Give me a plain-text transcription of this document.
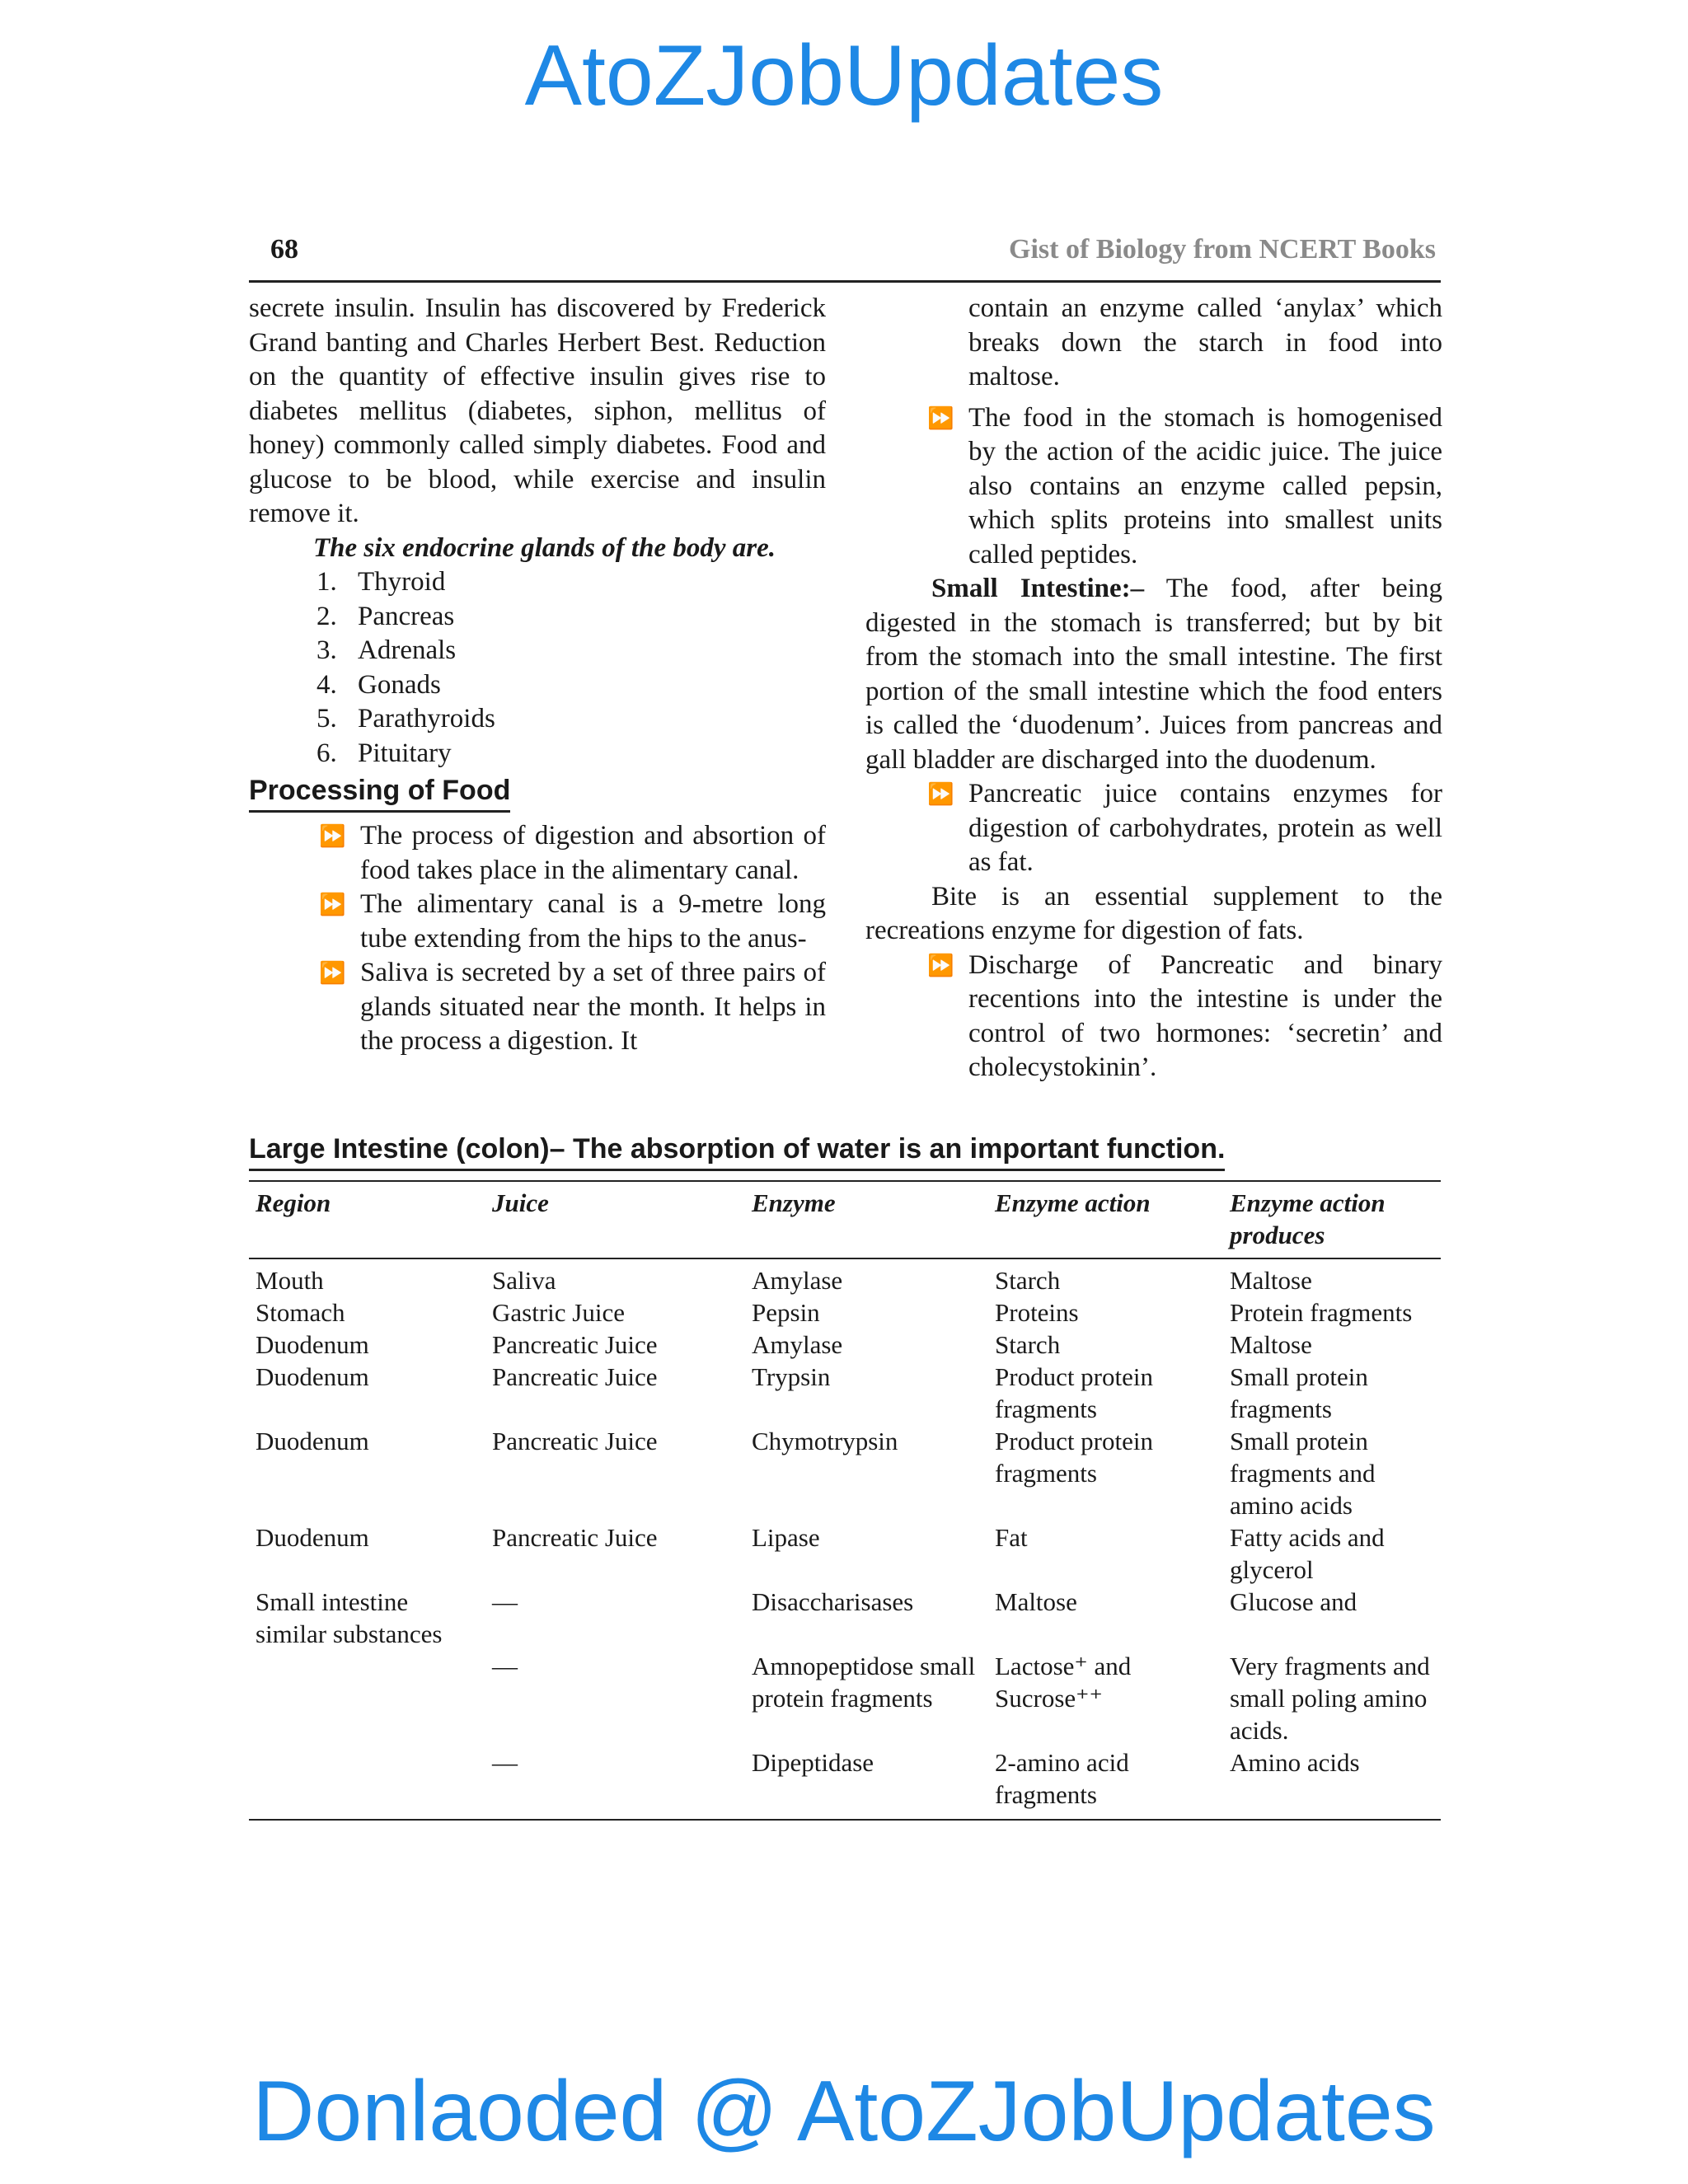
AtoZJobUpdates
68	Gist of Biology from NCERT Books

secrete insulin. Insulin has discovered by Frederick Grand banting and Charles Herbert Best. Reduction on the quantity of effective insulin gives rise to diabetes mellitus (diabetes, siphon, mellitus of honey) commonly called simply diabetes. Food and glucose to be blood, while exercise and insulin remove it.

The six endocrine glands of the body are.
1. Thyroid
2. Pancreas
3. Adrenals
4. Gonads
5. Parathyroids
6. Pituitary
Processing of Food
⏩ The process of digestion and absortion of food takes place in the alimentary canal.
⏩ The alimentary canal is a 9-metre long tube extending from the hips to the anus-
⏩ Saliva is secreted by a set of three pairs of glands situated near the month. It helps in the process a digestion. It
contain an enzyme called ‘anylax’ which breaks down the starch in food into maltose.
⏩ The food in the stomach is homogenised by the action of the acidic juice. The juice also contains an enzyme called pepsin, which splits proteins into smallest units called peptides.

Small Intestine:– The food, after being digested in the stomach is transferred; but by bit from the stomach into the small intestine. The first portion of the small intestine which the food enters is called the ‘duodenum’. Juices from pancreas and gall bladder are discharged into the duodenum.

⏩ Pancreatic juice contains enzymes for digestion of carbohydrates, protein as well as fat.

Bite is an essential supplement to the recreations enzyme for digestion of fats.

⏩ Discharge of Pancreatic and binary recentions into the intestine is under the control of two hormones: ‘secretin’ and cholecystokinin’.
Large Intestine (colon)– The absorption of water is an important function.
Region	Juice	Enzyme	Enzyme action	Enzyme action produces
Mouth	Saliva	Amylase	Starch	Maltose
Stomach	Gastric Juice	Pepsin	Proteins	Protein fragments
Duodenum	Pancreatic Juice	Amylase	Starch	Maltose
Duodenum	Pancreatic Juice	Trypsin	Product protein fragments	Small protein fragments
Duodenum	Pancreatic Juice	Chymotrypsin	Product protein fragments	Small protein fragments and amino acids
Duodenum	Pancreatic Juice	Lipase	Fat	Fatty acids and glycerol
Small intestine similar substances	—	Disaccharisases	Maltose	Glucose and
	—	Amnopeptidose small protein fragments	Lactose⁺ and Sucrose⁺⁺	Very fragments and small poling amino acids.
	—	Dipeptidase	2-amino acid fragments	Amino acids
Donlaoded @ AtoZJobUpdates
